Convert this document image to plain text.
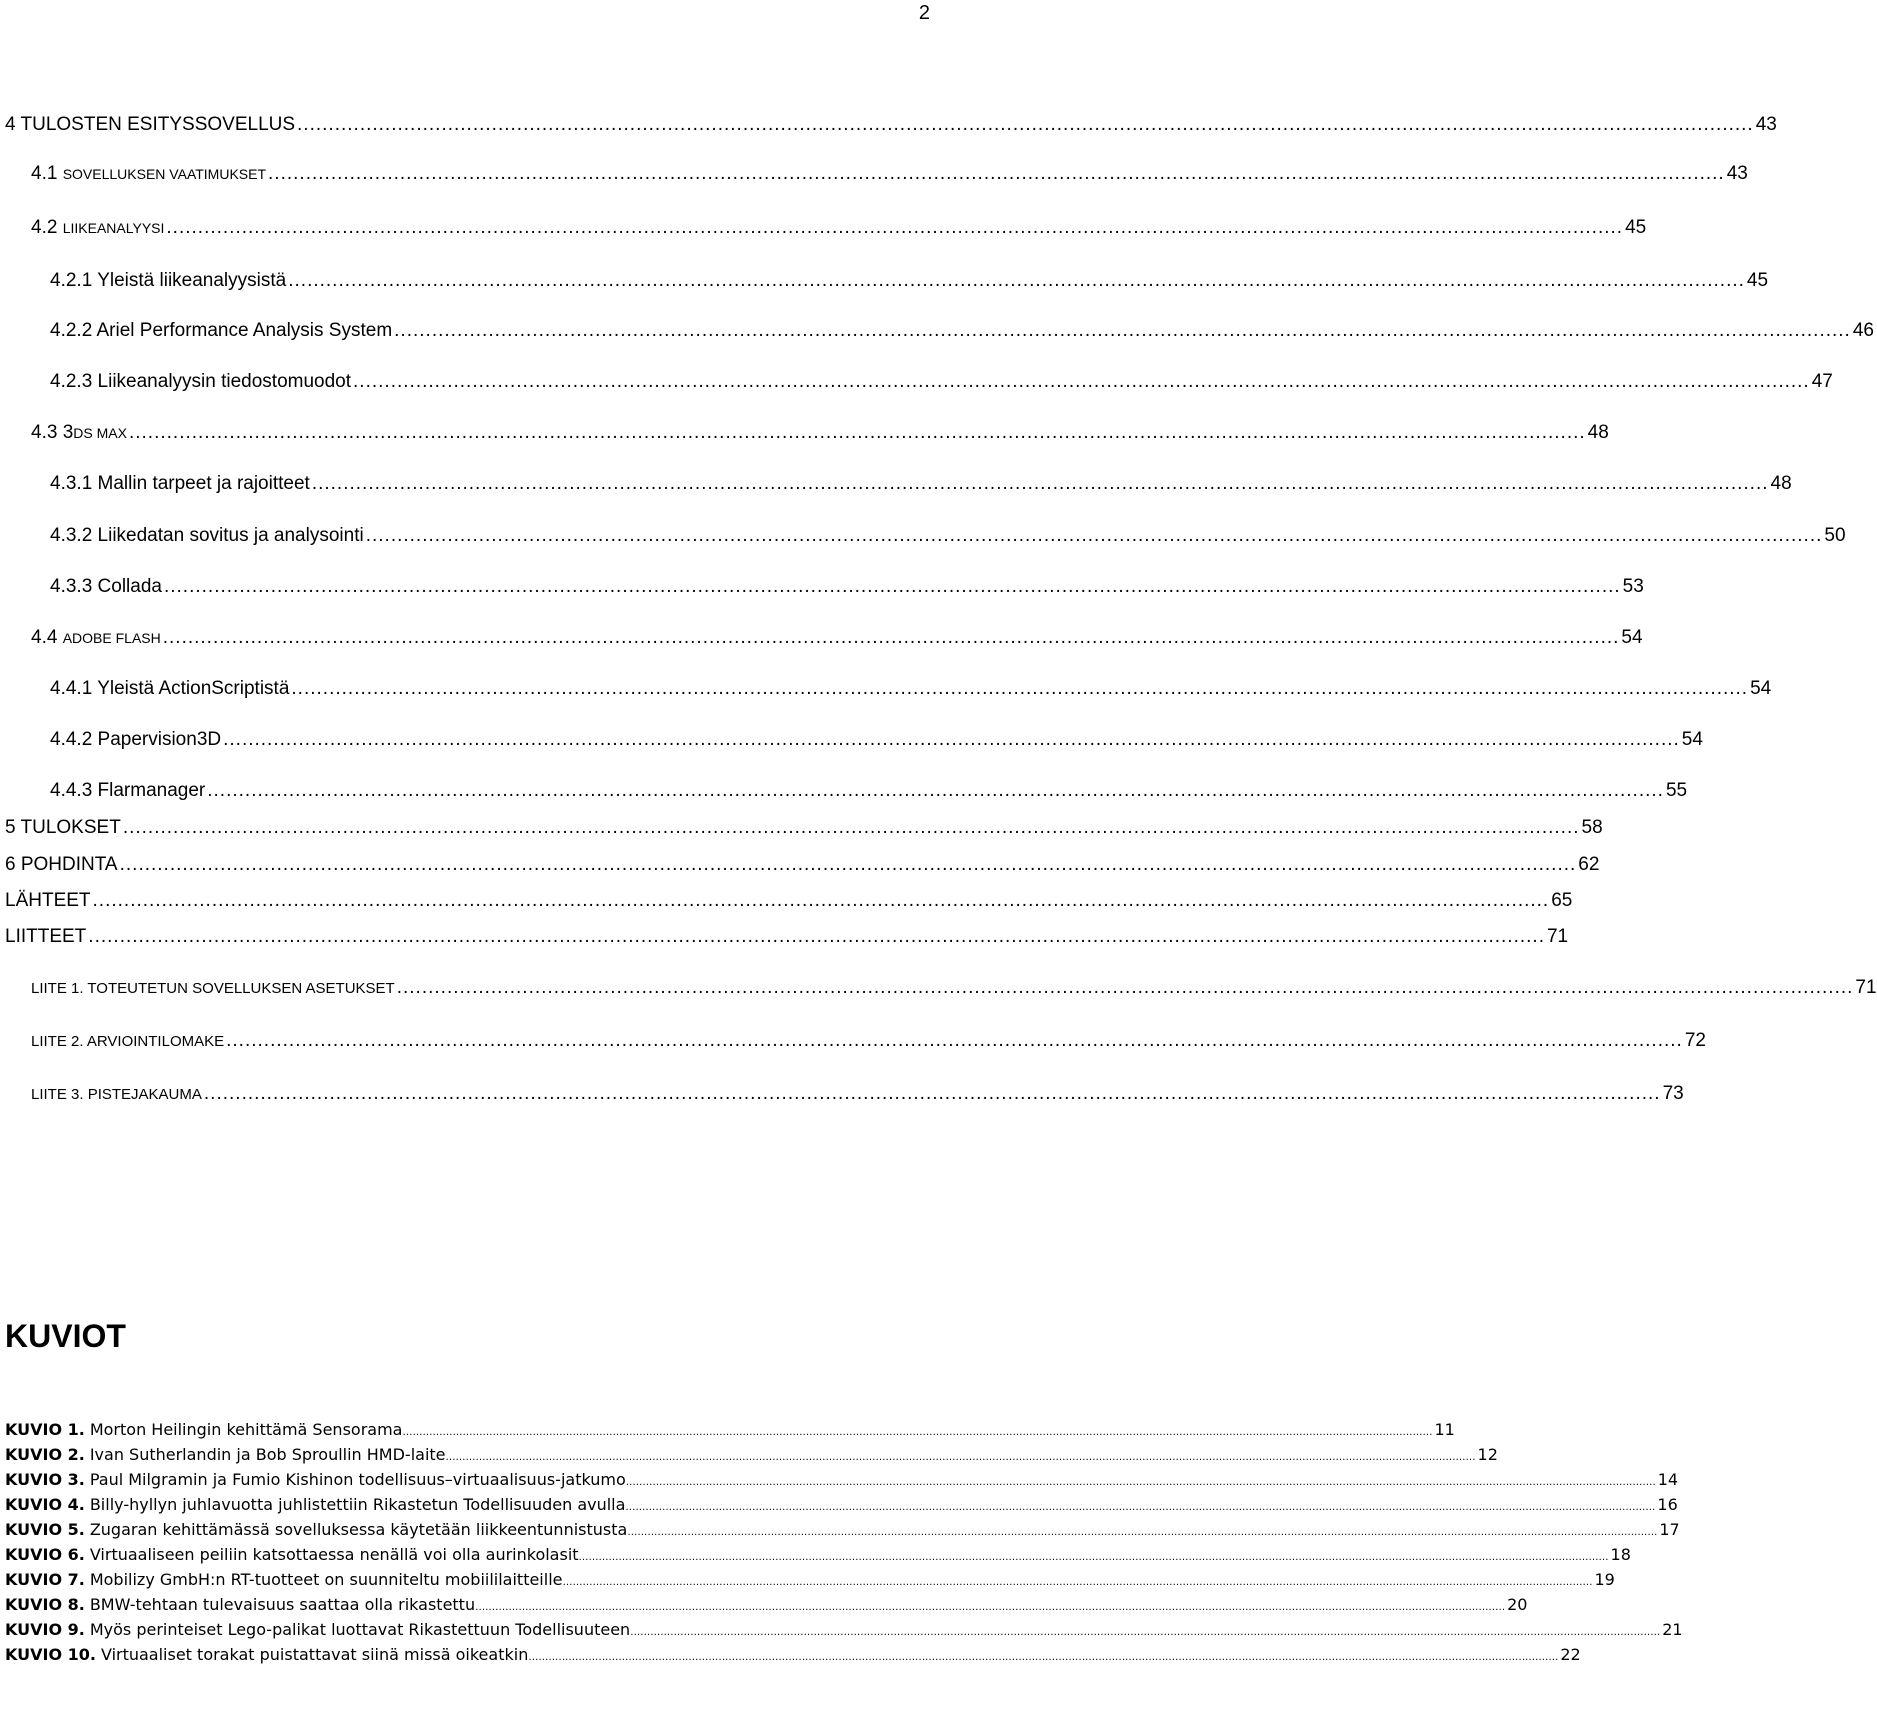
2
4 TULOSTEN ESITYSSOVELLUS .....	43
4.1 SOVELLUKSEN VAATIMUKSET .....	43
4.2 LIIKEANALYYSI .....	45
4.2.1 Yleistä liikeanalyysistä .....	45
4.2.2 Ariel Performance Analysis System .....	46
4.2.3 Liikeanalyysin tiedostomuodot .....	47
4.3 3DS MAX .....	48
4.3.1 Mallin tarpeet ja rajoitteet .....	48
4.3.2 Liikedatan sovitus ja analysointi .....	50
4.3.3 Collada .....	53
4.4 ADOBE FLASH .....	54
4.4.1 Yleistä ActionScriptistä .....	54
4.4.2 Papervision3D .....	54
4.4.3 Flarmanager .....	55
5 TULOKSET .....	58
6 POHDINTA .....	62
LÄHTEET .....	65
LIITTEET .....	71
LIITE 1. TOTEUTETUN SOVELLUKSEN ASETUKSET .....	71
LIITE 2. ARVIOINTILOMAKE .....	72
LIITE 3. PISTEJAKAUMA .....	73
KUVIOT
KUVIO 1. Morton Heilingin kehittämä Sensorama …………………………………………………………………………………………………………………………………………………………………………………………………………………………………………………………………………………	11
KUVIO 2. Ivan Sutherlandin ja Bob Sproullin HMD-laite …………………………………………………………………………………………………………………………………………………………………………………………………………………………………………………………………………………	12
KUVIO 3. Paul Milgramin ja Fumio Kishinon todellisuus–virtuaalisuus-jatkumo …………………………………………………………………………………………………………………………………………………………………………………………………………………………………………………………………………………	14
KUVIO 4. Billy-hyllyn juhlavuotta juhlistettiin Rikastetun Todellisuuden avulla …………………………………………………………………………………………………………………………………………………………………………………………………………………………………………………………………………………	16
KUVIO 5. Zugaran kehittämässä sovelluksessa käytetään liikkeentunnistusta …………………………………………………………………………………………………………………………………………………………………………………………………………………………………………………………………………………	17
KUVIO 6. Virtuaaliseen peiliin katsottaessa nenällä voi olla aurinkolasit …………………………………………………………………………………………………………………………………………………………………………………………………………………………………………………………………………………	18
KUVIO 7. Mobilizy GmbH:n RT-tuotteet on suunniteltu mobiililaitteille …………………………………………………………………………………………………………………………………………………………………………………………………………………………………………………………………………………	19
KUVIO 8. BMW-tehtaan tulevaisuus saattaa olla rikastettu …………………………………………………………………………………………………………………………………………………………………………………………………………………………………………………………………………………	20
KUVIO 9. Myös perinteiset Lego-palikat luottavat Rikastettuun Todellisuuteen …………………………………………………………………………………………………………………………………………………………………………………………………………………………………………………………………………………	21
KUVIO 10. Virtuaaliset torakat puistattavat siinä missä oikeatkin …………………………………………………………………………………………………………………………………………………………………………………………………………………………………………………………………………………	22
